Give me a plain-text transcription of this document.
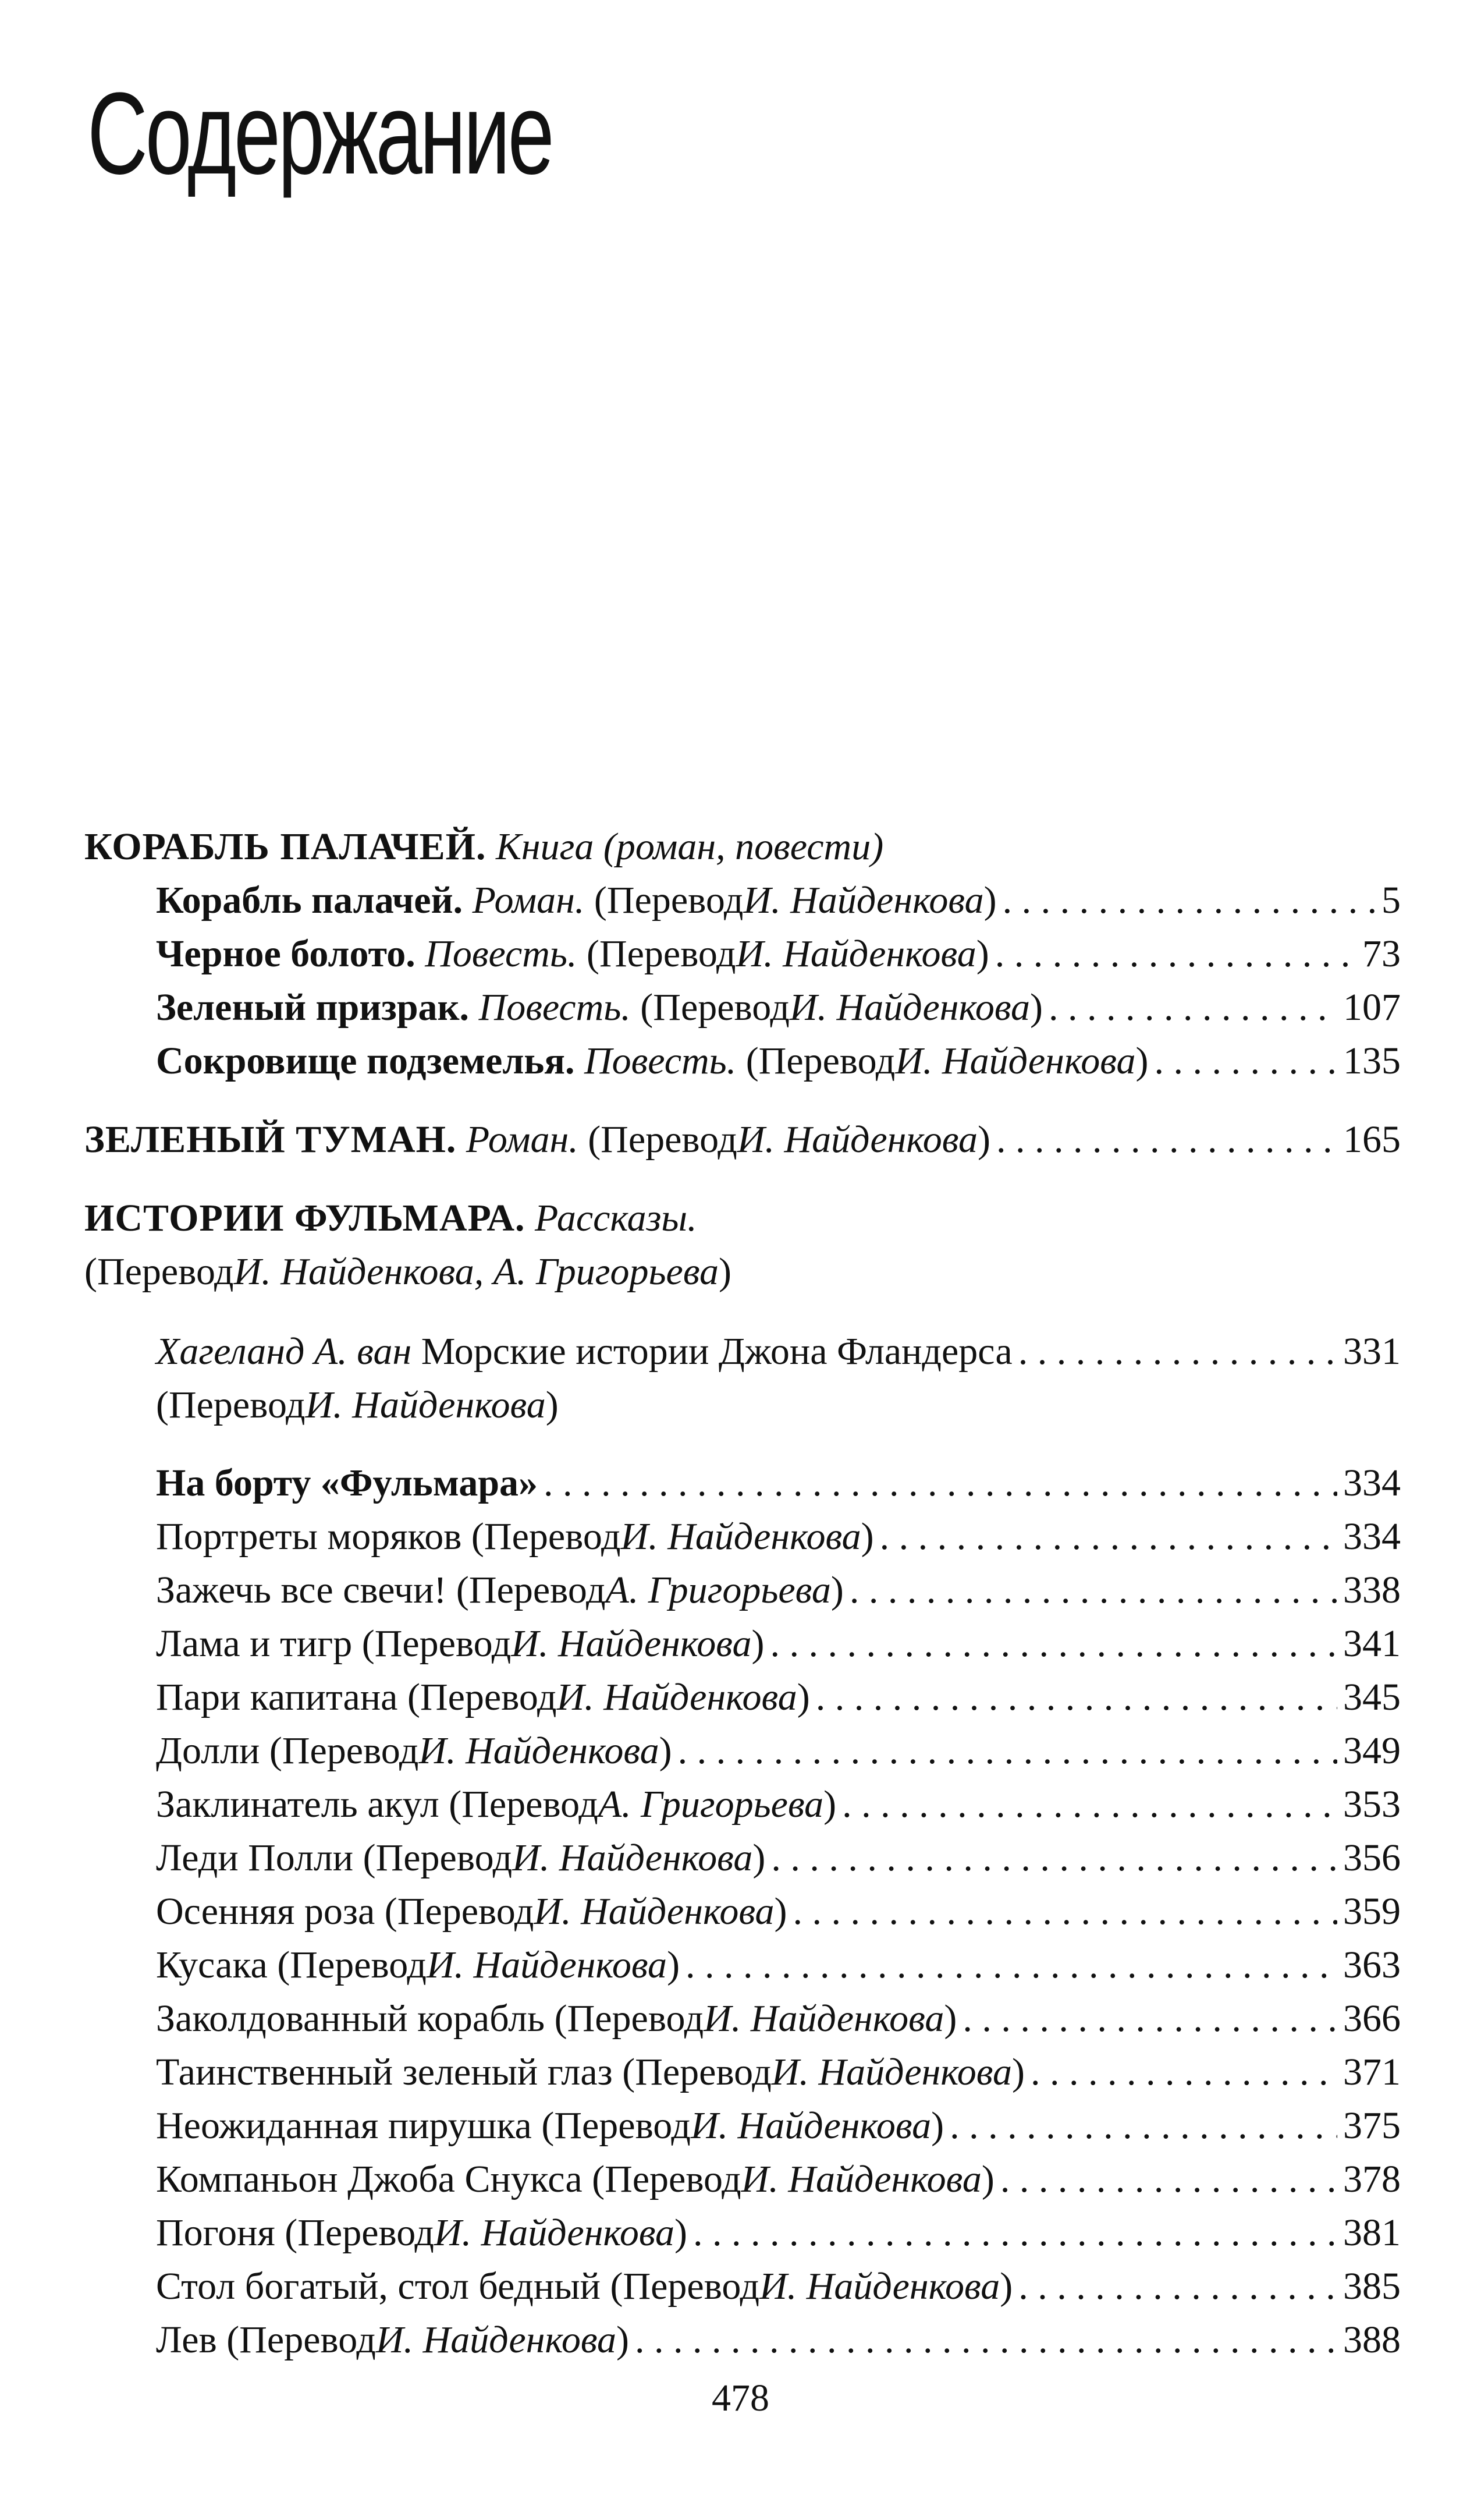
Содержание
КОРАБЛЬ ПАЛАЧЕЙ.
Книга (роман, повести)
Корабль палачей.
Роман.
(Перевод И. Найденкова ) . . .	5
Черное болото.
Повесть.
(Перевод И. Найденкова ) . . .	73
Зеленый призрак.
Повесть.
(Перевод И. Найденкова ) . . .	107
Сокровище подземелья.
Повесть.
(Перевод И. Найденкова ) . . .	135
ЗЕЛЕНЫЙ ТУМАН.
Роман.
(Перевод И. Найденкова ) . . .	165
ИСТОРИИ ФУЛЬМАРА.
Рассказы.
(Перевод И. Найденкова, А. Григорьева )
Хагеланд А. ван
Морские истории Джона Фландерса . . .	331
(Перевод И. Найденкова )
На борту «Фульмара» . . .	334
Портреты моряков
(Перевод И. Найденкова ) . . .	334
Зажечь все свечи!
(Перевод А. Григорьева ) . . .	338
Лама и тигр
(Перевод И. Найденкова ) . . .	341
Пари капитана
(Перевод И. Найденкова ) . . .	345
Долли
(Перевод И. Найденкова ) . . .	349
Заклинатель акул
(Перевод А. Григорьева ) . . .	353
Леди Полли
(Перевод И. Найденкова ) . . .	356
Осенняя роза
(Перевод И. Найденкова ) . . .	359
Кусака
(Перевод И. Найденкова ) . . .	363
Заколдованный корабль
(Перевод И. Найденкова ) . . .	366
Таинственный зеленый глаз
(Перевод И. Найденкова ) . . .	371
Неожиданная пирушка
(Перевод И. Найденкова ) . . .	375
Компаньон Джоба Снукса
(Перевод И. Найденкова ) . . .	378
Погоня
(Перевод И. Найденкова ) . . .	381
Стол богатый, стол бедный
(Перевод И. Найденкова ) . . .	385
Лев
(Перевод И. Найденкова ) . . .	388
478
